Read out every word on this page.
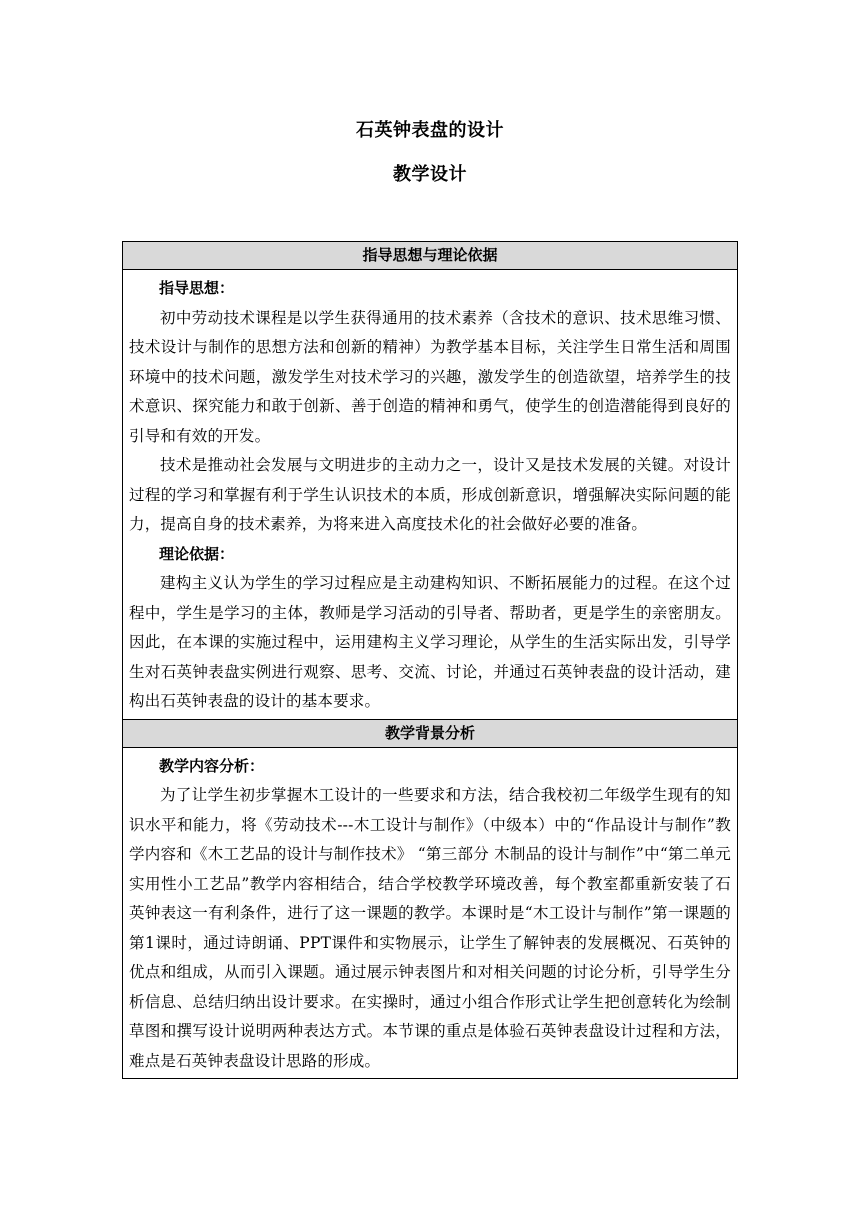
石英钟表盘的设计
教学设计
指导思想与理论依据

指导思想：

初中劳动技术课程是以学生获得通用的技术素养（含技术的意识、技术思维习惯、技术设计与制作的思想方法和创新的精神）为教学基本目标，关注学生日常生活和周围环境中的技术问题，激发学生对技术学习的兴趣，激发学生的创造欲望，培养学生的技术意识、探究能力和敢于创新、善于创造的精神和勇气，使学生的创造潜能得到良好的引导和有效的开发。

技术是推动社会发展与文明进步的主动力之一，设计又是技术发展的关键。对设计过程的学习和掌握有利于学生认识技术的本质，形成创新意识，增强解决实际问题的能力，提高自身的技术素养，为将来进入高度技术化的社会做好必要的准备。

理论依据：

建构主义认为学生的学习过程应是主动建构知识、不断拓展能力的过程。在这个过程中，学生是学习的主体，教师是学习活动的引导者、帮助者，更是学生的亲密朋友。因此，在本课的实施过程中，运用建构主义学习理论，从学生的生活实际出发，引导学生对石英钟表盘实例进行观察、思考、交流、讨论，并通过石英钟表盘的设计活动，建构出石英钟表盘的设计的基本要求。

教学背景分析

教学内容分析：

为了让学生初步掌握木工设计的一些要求和方法，结合我校初二年级学生现有的知识水平和能力，将《劳动技术---木工设计与制作》（中级本）中的“作品设计与制作”教学内容和《木工艺品的设计与制作技术》 “第三部分 木制品的设计与制作”中“第二单元 实用性小工艺品”教学内容相结合，结合学校教学环境改善，每个教室都重新安装了石英钟表这一有利条件，进行了这一课题的教学。本课时是“木工设计与制作”第一课题的第1课时，通过诗朗诵、PPT课件和实物展示，让学生了解钟表的发展概况、石英钟的优点和组成，从而引入课题。通过展示钟表图片和对相关问题的讨论分析，引导学生分析信息、总结归纳出设计要求。在实操时，通过小组合作形式让学生把创意转化为绘制草图和撰写设计说明两种表达方式。本节课的重点是体验石英钟表盘设计过程和方法，难点是石英钟表盘设计思路的形成。
